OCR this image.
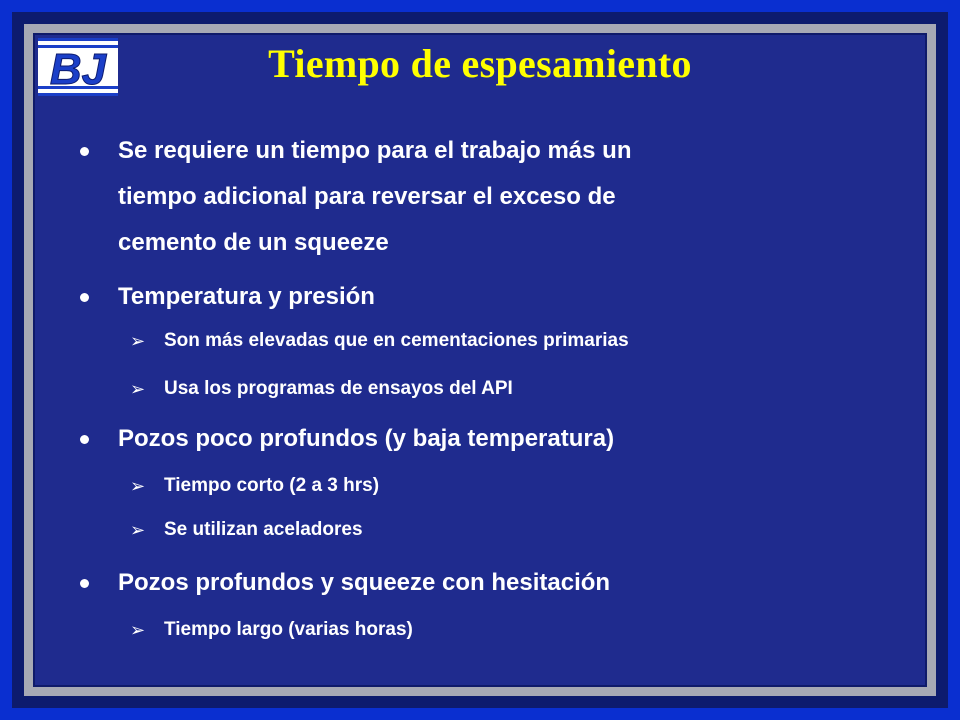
BJ	Tiempo de espesamiento
Se requiere un tiempo para el trabajo más un
tiempo adicional para reversar el exceso de
cemento de un squeeze
Temperatura y presión
➢ Son más elevadas que en cementaciones primarias
➢ Usa los programas de ensayos del API
Pozos poco profundos (y baja temperatura)
➢ Tiempo corto (2 a 3 hrs)
➢ Se utilizan aceladores
Pozos profundos y squeeze con hesitación
➢ Tiempo largo (varias horas)
